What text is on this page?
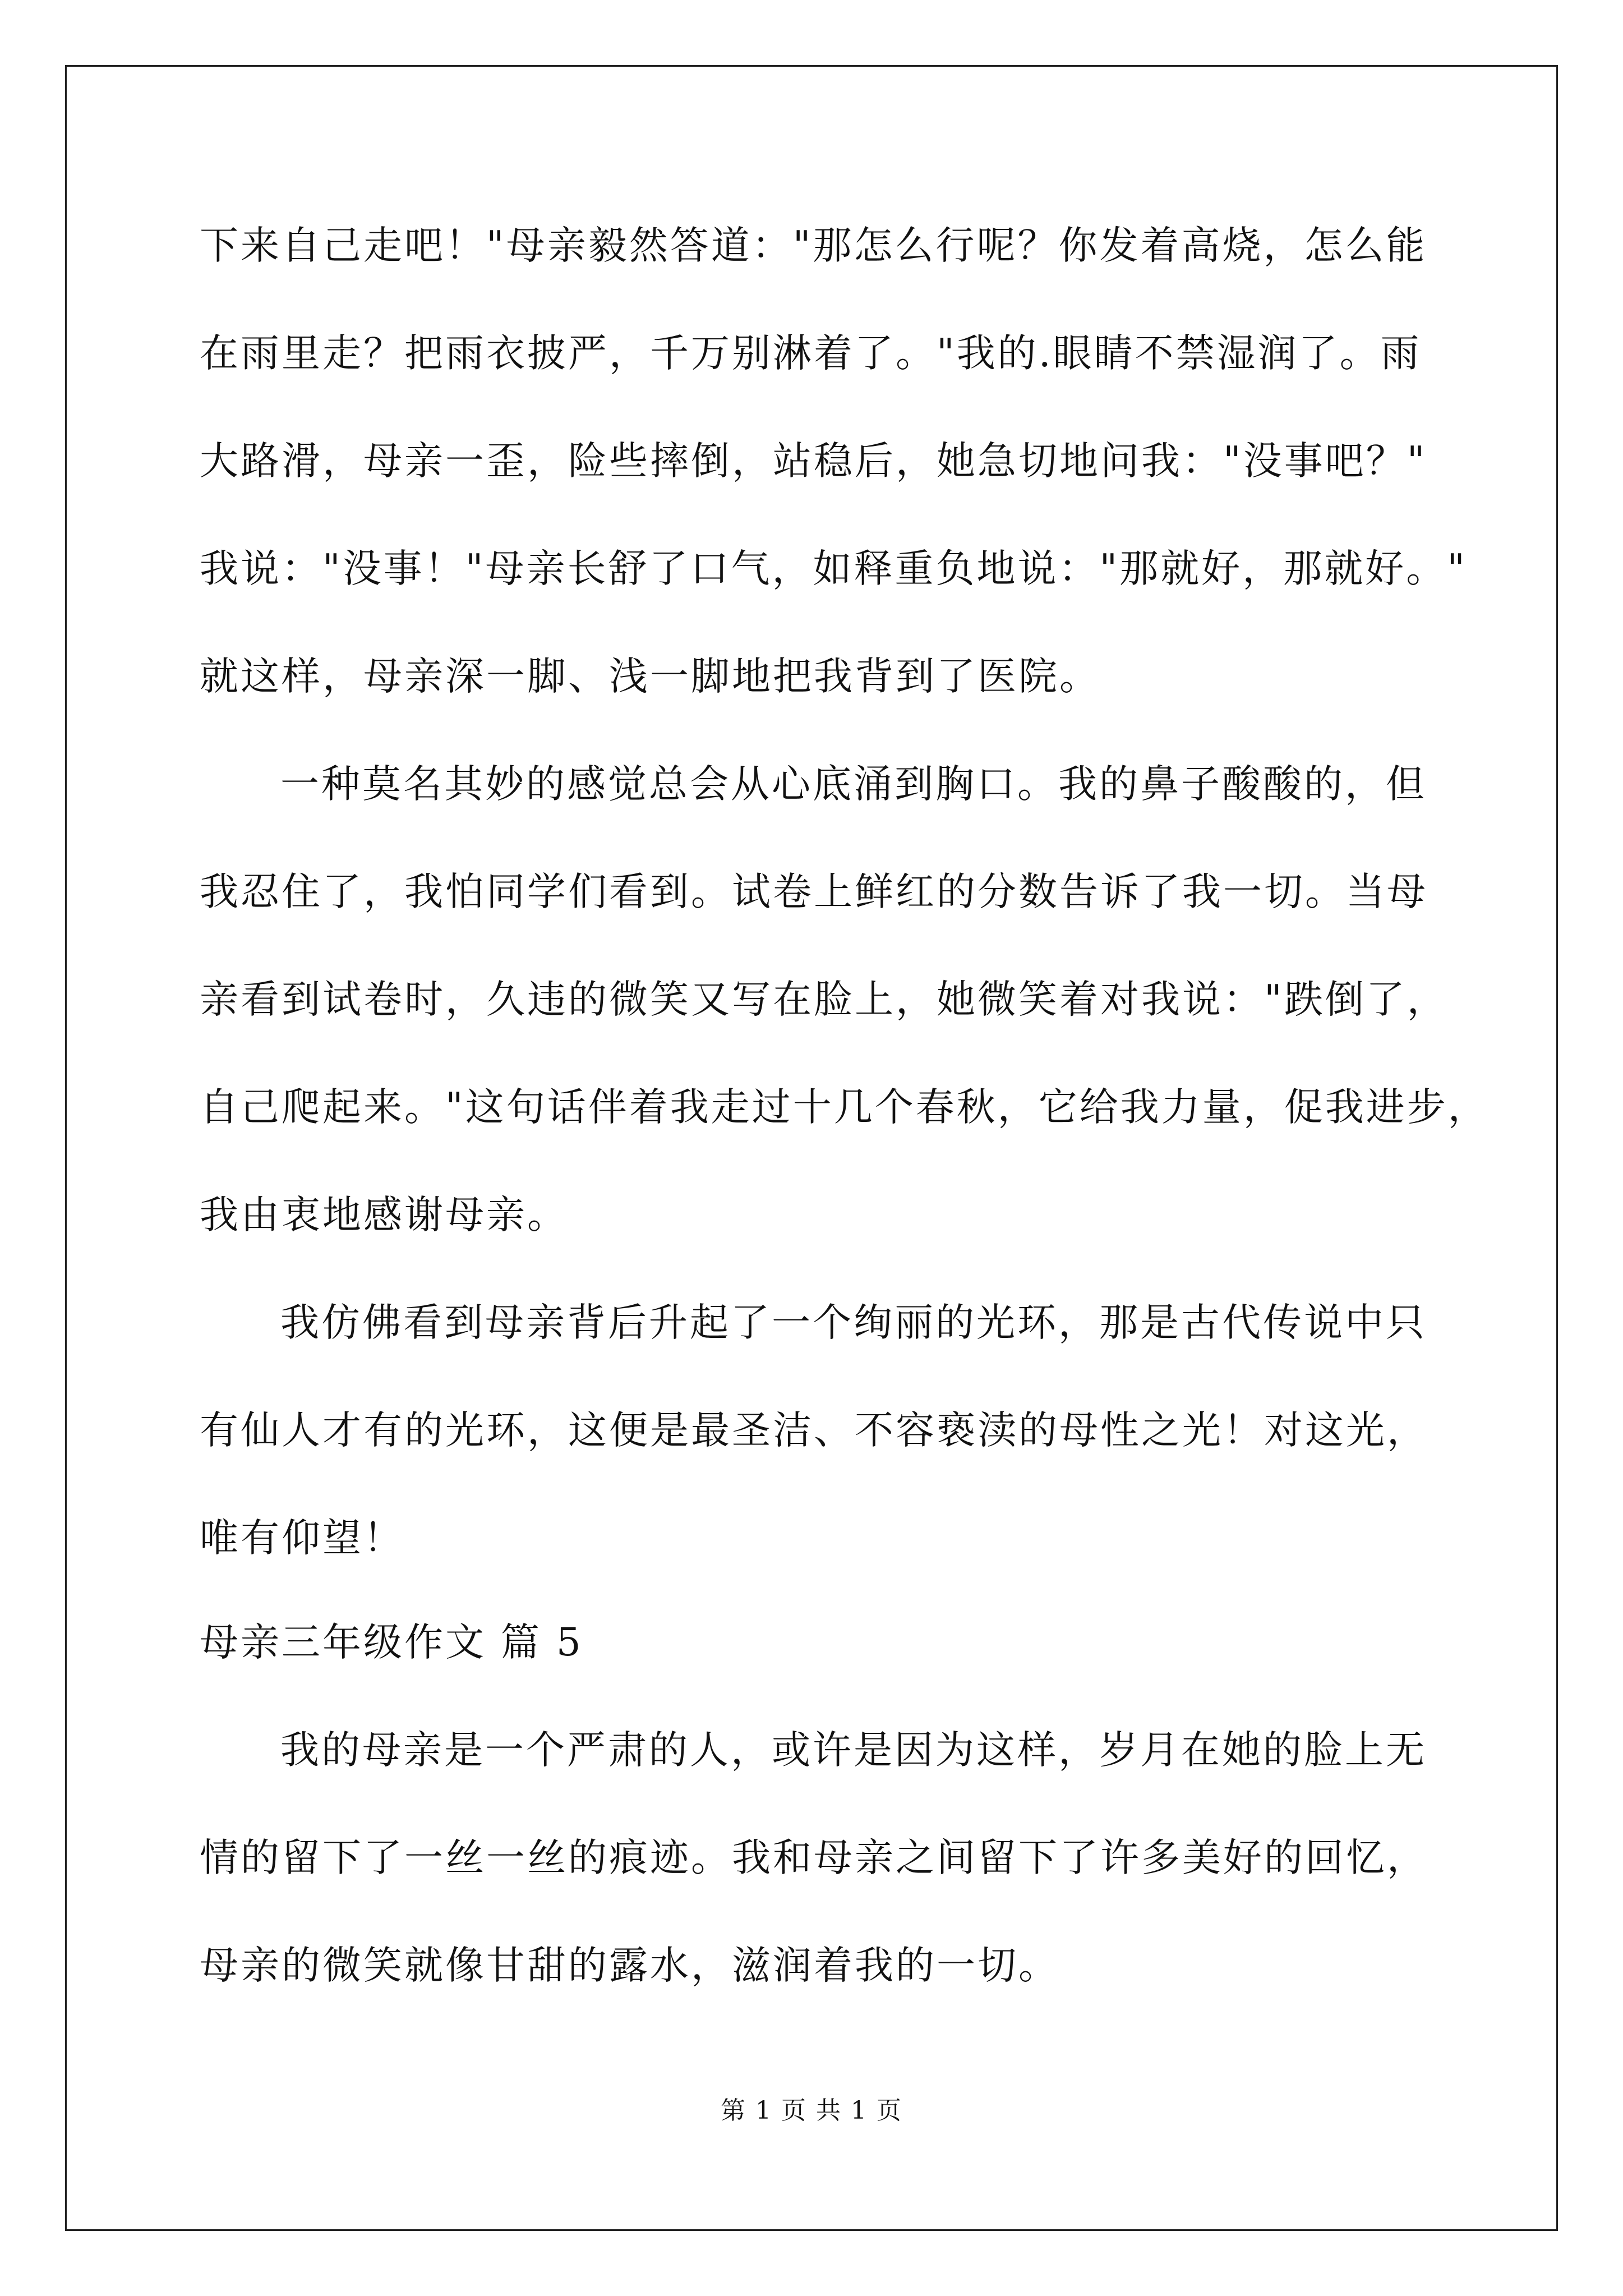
下来自己走吧！"母亲毅然答道："那怎么行呢？你发着高烧，怎么能
在雨里走？把雨衣披严，千万别淋着了。"我的.眼睛不禁湿润了。雨
大路滑，母亲一歪，险些摔倒，站稳后，她急切地问我："没事吧？"
我说："没事！"母亲长舒了口气，如释重负地说："那就好，那就好。"
就这样，母亲深一脚、浅一脚地把我背到了医院。
一种莫名其妙的感觉总会从心底涌到胸口。我的鼻子酸酸的，但
我忍住了，我怕同学们看到。试卷上鲜红的分数告诉了我一切。当母
亲看到试卷时，久违的微笑又写在脸上，她微笑着对我说："跌倒了，
自己爬起来。"这句话伴着我走过十几个春秋，它给我力量，促我进步，
我由衷地感谢母亲。
我仿佛看到母亲背后升起了一个绚丽的光环，那是古代传说中只
有仙人才有的光环，这便是最圣洁、不容亵渎的母性之光！对这光，
唯有仰望！
母亲三年级作文 篇 5
我的母亲是一个严肃的人，或许是因为这样，岁月在她的脸上无
情的留下了一丝一丝的痕迹。我和母亲之间留下了许多美好的回忆，
母亲的微笑就像甘甜的露水，滋润着我的一切。
第 1 页 共 1 页
